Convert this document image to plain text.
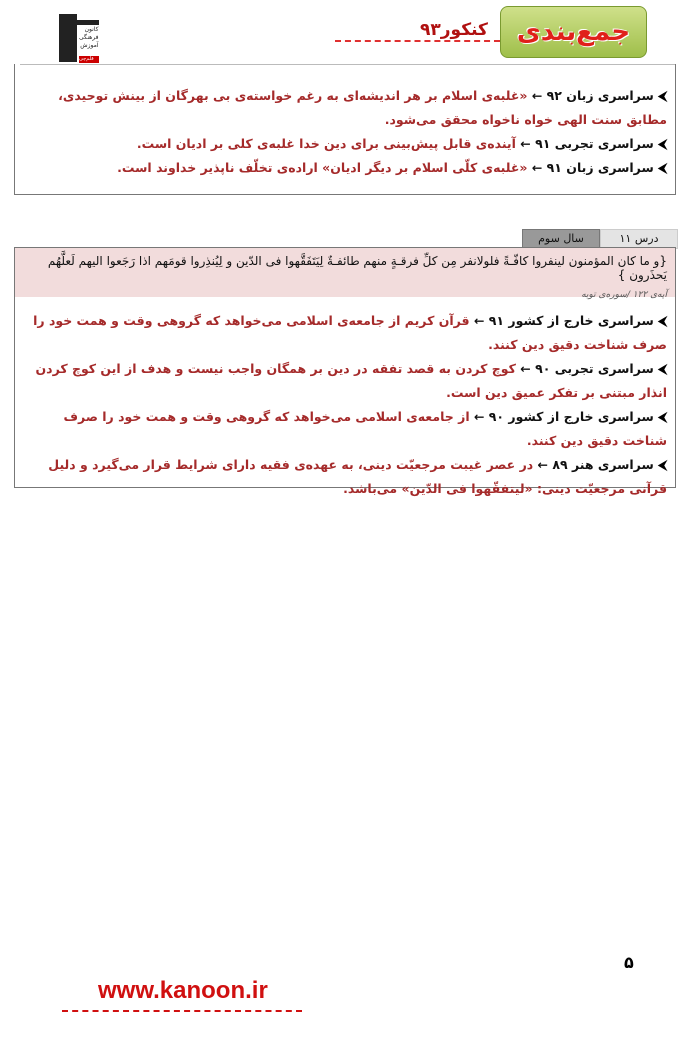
کانون
فرهنگی
آموزش
قلم‌چی
جمع‌بندی
کنکور۹۳

⮜ سراسری زبان ۹۲ ← «غلبه‌ی اسلام بر هر اندیشه‌ای به رغم خواسته‌ی بی بهرگان از بینش توحیدی، مطابق سنت الهی خواه ناخواه محقق می‌شود.

⮜ سراسری تجربی ۹۱ ← آینده‌ی قابل پیش‌بینی برای دین خدا غلبه‌ی کلی بر ادیان است.

⮜ سراسری زبان ۹۱ ← «غلبه‌ی کلّی اسلام بر دیگر ادیان» اراده‌ی تخلّف ناپذیر خداوند است.

سال سوم	درس ۱۱
{و ما کان المؤمنون لینفروا کافّـةً فلولانفر مِن کلِّ فرقـةٍ منهم طائفـةٌ لِیَتَفَقَّهوا فی الدّین و لِیُنذِروا قومَهم اذا رَجَعوا الیهم لَعلَّهُم یَحذَرون }
آیه‌ی ۱۲۲ /سوره‌ی توبه

⮜ سراسری خارج از کشور ۹۱ ← قرآن کریم از جامعه‌ی اسلامی می‌خواهد که گروهی وقت و همت خود را صرف شناخت دقیق دین کنند.

⮜ سراسری تجربی ۹۰ ← کوچ کردن به قصد تفقه در دین بر همگان واجب نیست و هدف از این کوچ کردن انذار مبتنی بر تفکر عمیق دین است.

⮜ سراسری خارج از کشور ۹۰ ← از جامعه‌ی اسلامی می‌خواهد که گروهی وقت و همت خود را صرف شناخت دقیق دین کنند.

⮜ سراسری هنر ۸۹ ← در عصر غیبت مرجعیّت دینی، به عهده‌ی فقیه دارای شرایط قرار می‌گیرد و دلیل قرآنی مرجعیّت دینی: «لیتفقّهوا فی الدّین» می‌باشد.

۵
www.kanoon.ir
